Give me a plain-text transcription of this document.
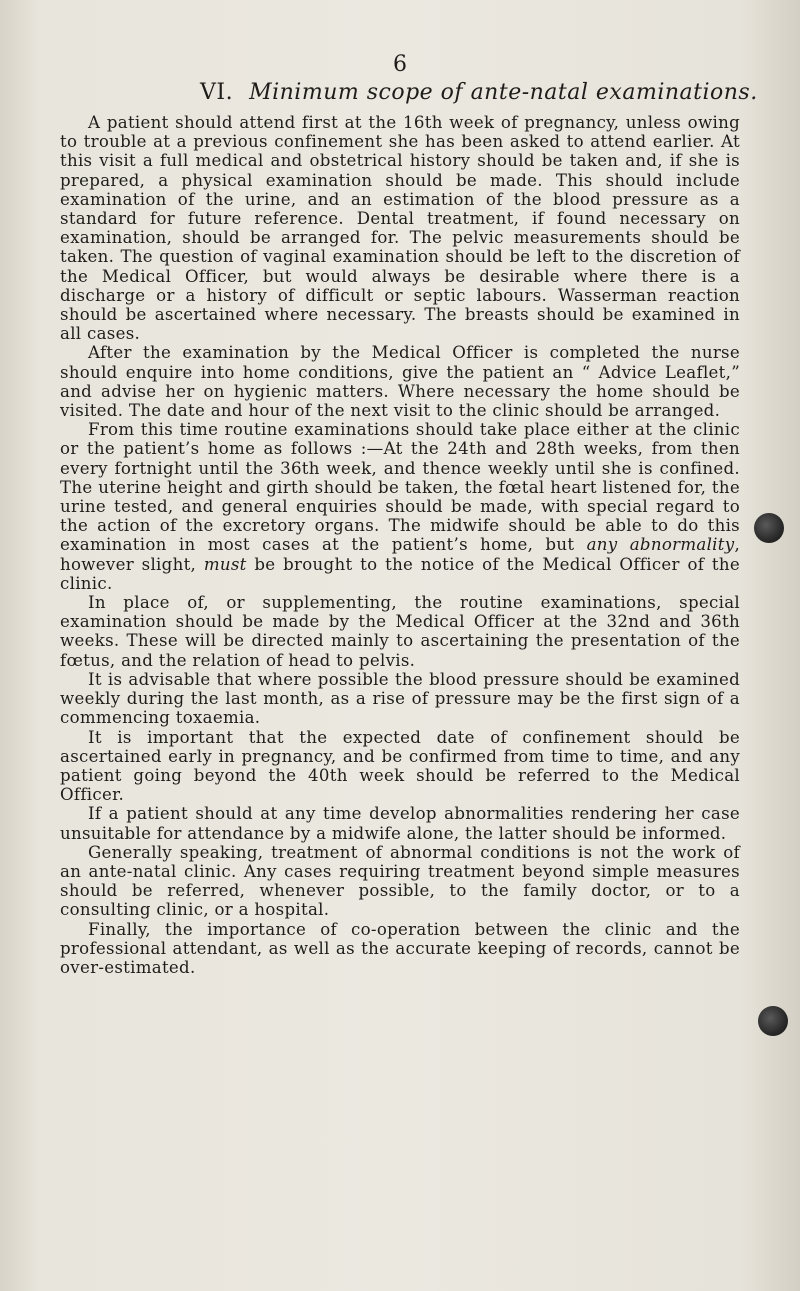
6
VI. Minimum scope of ante-natal examinations.

A patient should attend first at the 16th week of pregnancy, unless owing to trouble at a previous confinement she has been asked to attend earlier. At this visit a full medical and obstetrical history should be taken and, if she is prepared, a physical examination should be made. This should include examination of the urine, and an estimation of the blood pressure as a standard for future reference. Dental treatment, if found necessary on examination, should be arranged for. The pelvic measurements should be taken. The question of vaginal examination should be left to the discretion of the Medical Officer, but would always be desirable where there is a discharge or a history of difficult or septic labours. Wasserman reaction should be ascertained where necessary. The breasts should be examined in all cases.

After the examination by the Medical Officer is completed the nurse should enquire into home conditions, give the patient an “ Advice Leaflet,” and advise her on hygienic matters. Where necessary the home should be visited. The date and hour of the next visit to the clinic should be arranged.

From this time routine examinations should take place either at the clinic or the patient’s home as follows :—At the 24th and 28th weeks, from then every fortnight until the 36th week, and thence weekly until she is confined. The uterine height and girth should be taken, the fœtal heart listened for, the urine tested, and general enquiries should be made, with special regard to the action of the excretory organs. The midwife should be able to do this examination in most cases at the patient’s home, but any abnormality, however slight, must be brought to the notice of the Medical Officer of the clinic.

In place of, or supplementing, the routine examinations, special examination should be made by the Medical Officer at the 32nd and 36th weeks. These will be directed mainly to ascertaining the presentation of the fœtus, and the relation of head to pelvis.

It is advisable that where possible the blood pressure should be examined weekly during the last month, as a rise of pressure may be the first sign of a commencing toxaemia.

It is important that the expected date of confinement should be ascertained early in pregnancy, and be confirmed from time to time, and any patient going beyond the 40th week should be referred to the Medical Officer.

If a patient should at any time develop abnormalities rendering her case unsuitable for attendance by a midwife alone, the latter should be informed.

Generally speaking, treatment of abnormal conditions is not the work of an ante-natal clinic. Any cases requiring treatment beyond simple measures should be referred, whenever possible, to the family doctor, or to a consulting clinic, or a hospital.

Finally, the importance of co-operation between the clinic and the professional attendant, as well as the accurate keeping of records, cannot be over-estimated.
